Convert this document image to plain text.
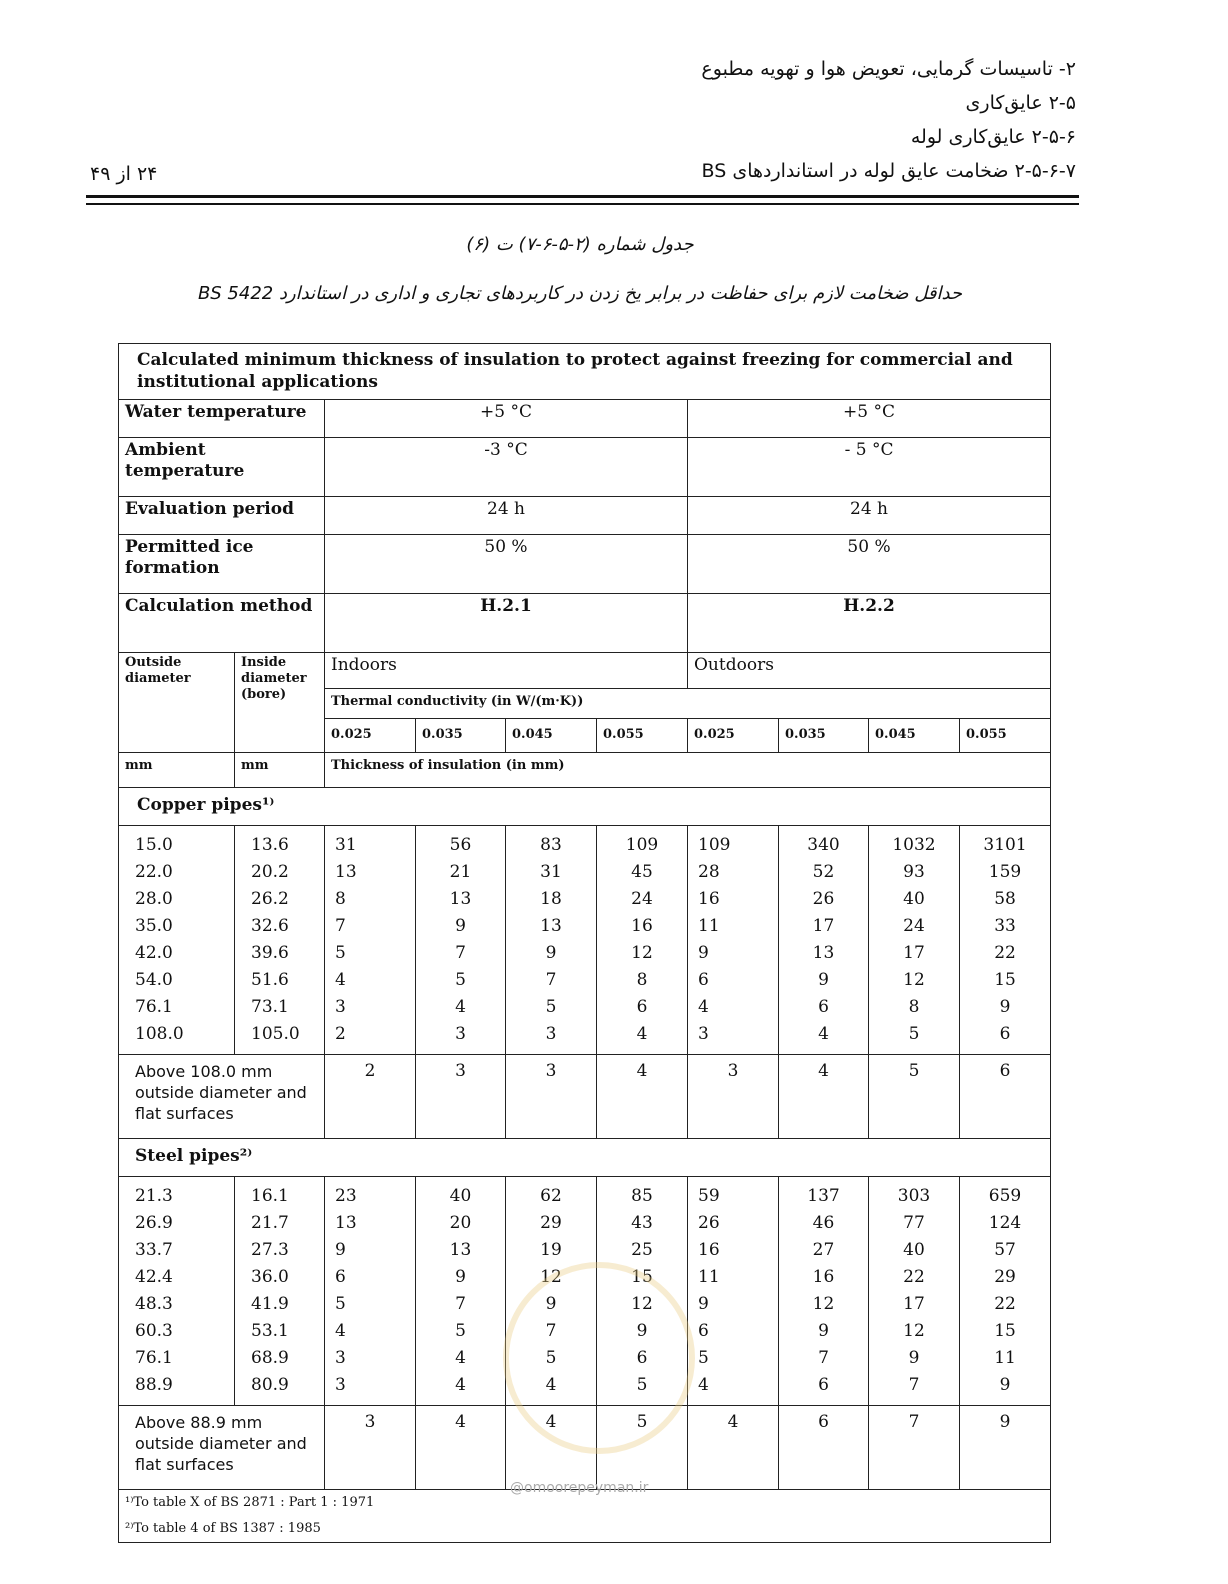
۲- تاسیسات گرمایی، تعویض هوا و تهویه مطبوع
۲-۵ عایق‌کاری
۲-۵-۶ عایق‌کاری لوله
۲-۵-۶-۷ ضخامت عایق لوله در استانداردهای BS
۲۴ از ۴۹
جدول شماره (۲-۵-۶-۷) ت (۶)
حداقل ضخامت لازم برای حفاظت در برابر یخ زدن در کاربردهای تجاری و اداری در استاندارد BS 5422
Calculated minimum thickness of insulation to protect against freezing for commercial and institutional applications									
Water temperature		+5 °C				+5 °C			
Ambient temperature		-3 °C				- 5 °C			
Evaluation period		24 h				24 h			
Permitted ice formation		50 %				50 %			
Calculation method		H.2.1				H.2.2			
Outside diameter	Inside diameter (bore)	Indoors				Outdoors			
		Thermal conductivity (in W/(m·K))							
		0.025	0.035	0.045	0.055	0.025	0.035	0.045	0.055
mm	mm	Thickness of insulation (in mm)							
Copper pipes¹⁾									
15.0	13.6	31	56	83	109	109	340	1032	3101
22.0	20.2	13	21	31	45	28	52	93	159
28.0	26.2	8	13	18	24	16	26	40	58
35.0	32.6	7	9	13	16	11	17	24	33
42.0	39.6	5	7	9	12	9	13	17	22
54.0	51.6	4	5	7	8	6	9	12	15
76.1	73.1	3	4	5	6	4	6	8	9
108.0	105.0	2	3	3	4	3	4	5	6
Above 108.0 mm outside diameter and flat surfaces		2	3	3	4	3	4	5	6
Steel pipes²⁾									
21.3	16.1	23	40	62	85	59	137	303	659
26.9	21.7	13	20	29	43	26	46	77	124
33.7	27.3	9	13	19	25	16	27	40	57
42.4	36.0	6	9	12	15	11	16	22	29
48.3	41.9	5	7	9	12	9	12	17	22
60.3	53.1	4	5	7	9	6	9	12	15
76.1	68.9	3	4	5	6	5	7	9	11
88.9	80.9	3	4	4	5	4	6	7	9
Above 88.9 mm outside diameter and flat surfaces		3	4	4	5	4	6	7	9
¹⁾To table X of BS 2871 : Part 1 : 1971									
²⁾To table 4 of BS 1387 : 1985									
@omoorepeyman.ir
